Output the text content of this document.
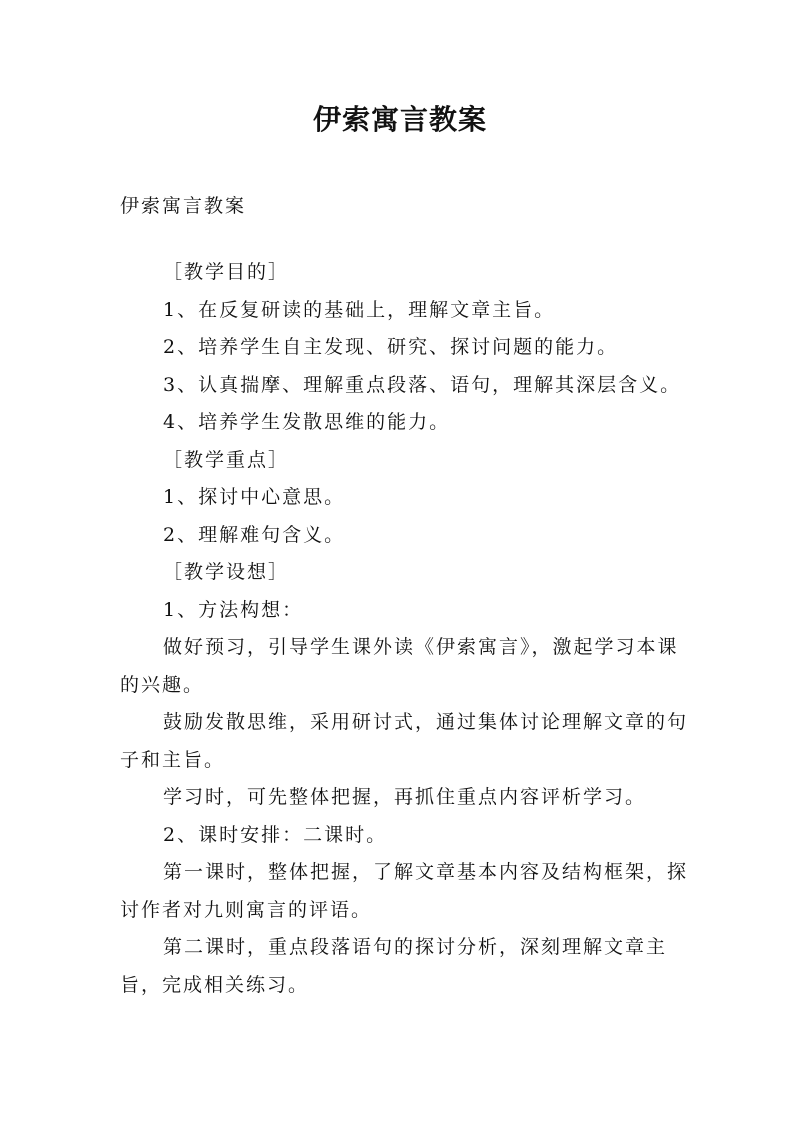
伊索寓言教案
伊索寓言教案
［教学目的］
1、在反复研读的基础上，理解文章主旨。
2、培养学生自主发现、研究、探讨问题的能力。
3、认真揣摩、理解重点段落、语句，理解其深层含义。
4、培养学生发散思维的能力。
［教学重点］
1、探讨中心意思。
2、理解难句含义。
［教学设想］
1、方法构想：
做好预习，引导学生课外读《伊索寓言》，激起学习本课的兴趣。
鼓励发散思维，采用研讨式，通过集体讨论理解文章的句子和主旨。
学习时，可先整体把握，再抓住重点内容评析学习。
2、课时安排：二课时。
第一课时，整体把握，了解文章基本内容及结构框架，探讨作者对九则寓言的评语。
第二课时，重点段落语句的探讨分析，深刻理解文章主旨，完成相关练习。
